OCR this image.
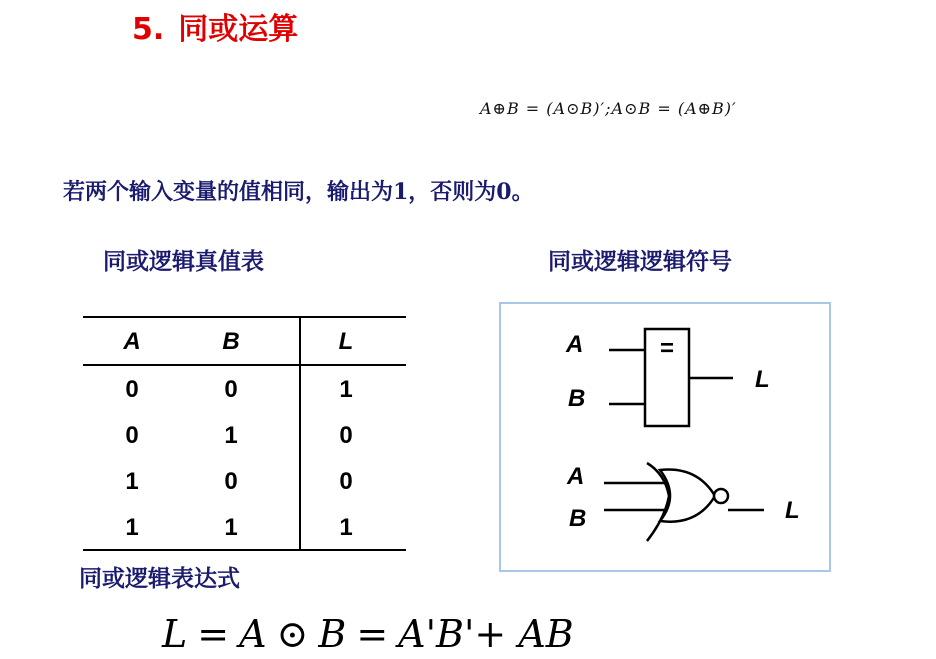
5. 同或运算
A⊕B = (A⊙B)′;A⊙B = (A⊕B)′
若两个输入变量的值相同，输出为1，否则为0。
同或逻辑真值表	同或逻辑逻辑符号
A	B	L
0	0	1
0	1	0
1	0	0
1	1	1
=
A
B
L
A
B	L
同或逻辑表达式
L = A ⊙ B = A'B'+ AB
